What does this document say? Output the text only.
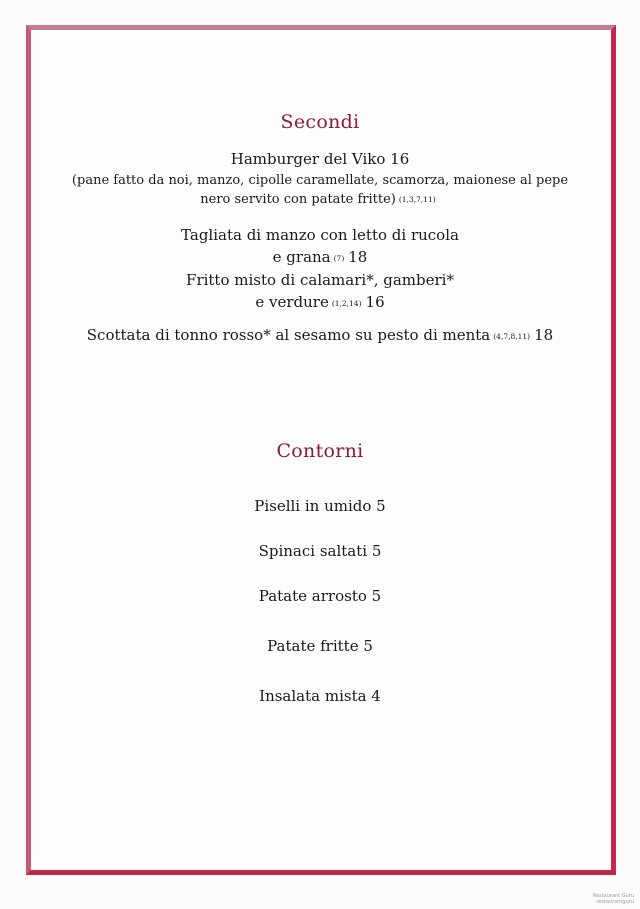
Secondi
Hamburger del Viko 16
(pane fatto da noi, manzo, cipolle caramellate, scamorza, maionese al pepe
nero servito con patate fritte) (1,3,7,11)
Tagliata di manzo con letto di rucola
e grana (7) 18
Fritto misto di calamari*, gamberi*
e verdure (1,2,14) 16
Scottata di tonno rosso* al sesamo su pesto di menta (4,7,8,11) 18
Contorni
Piselli in umido 5
Spinaci saltati 5
Patate arrosto 5
Patate fritte 5
Insalata mista 4
Restaurant Guru
restaurantguru
